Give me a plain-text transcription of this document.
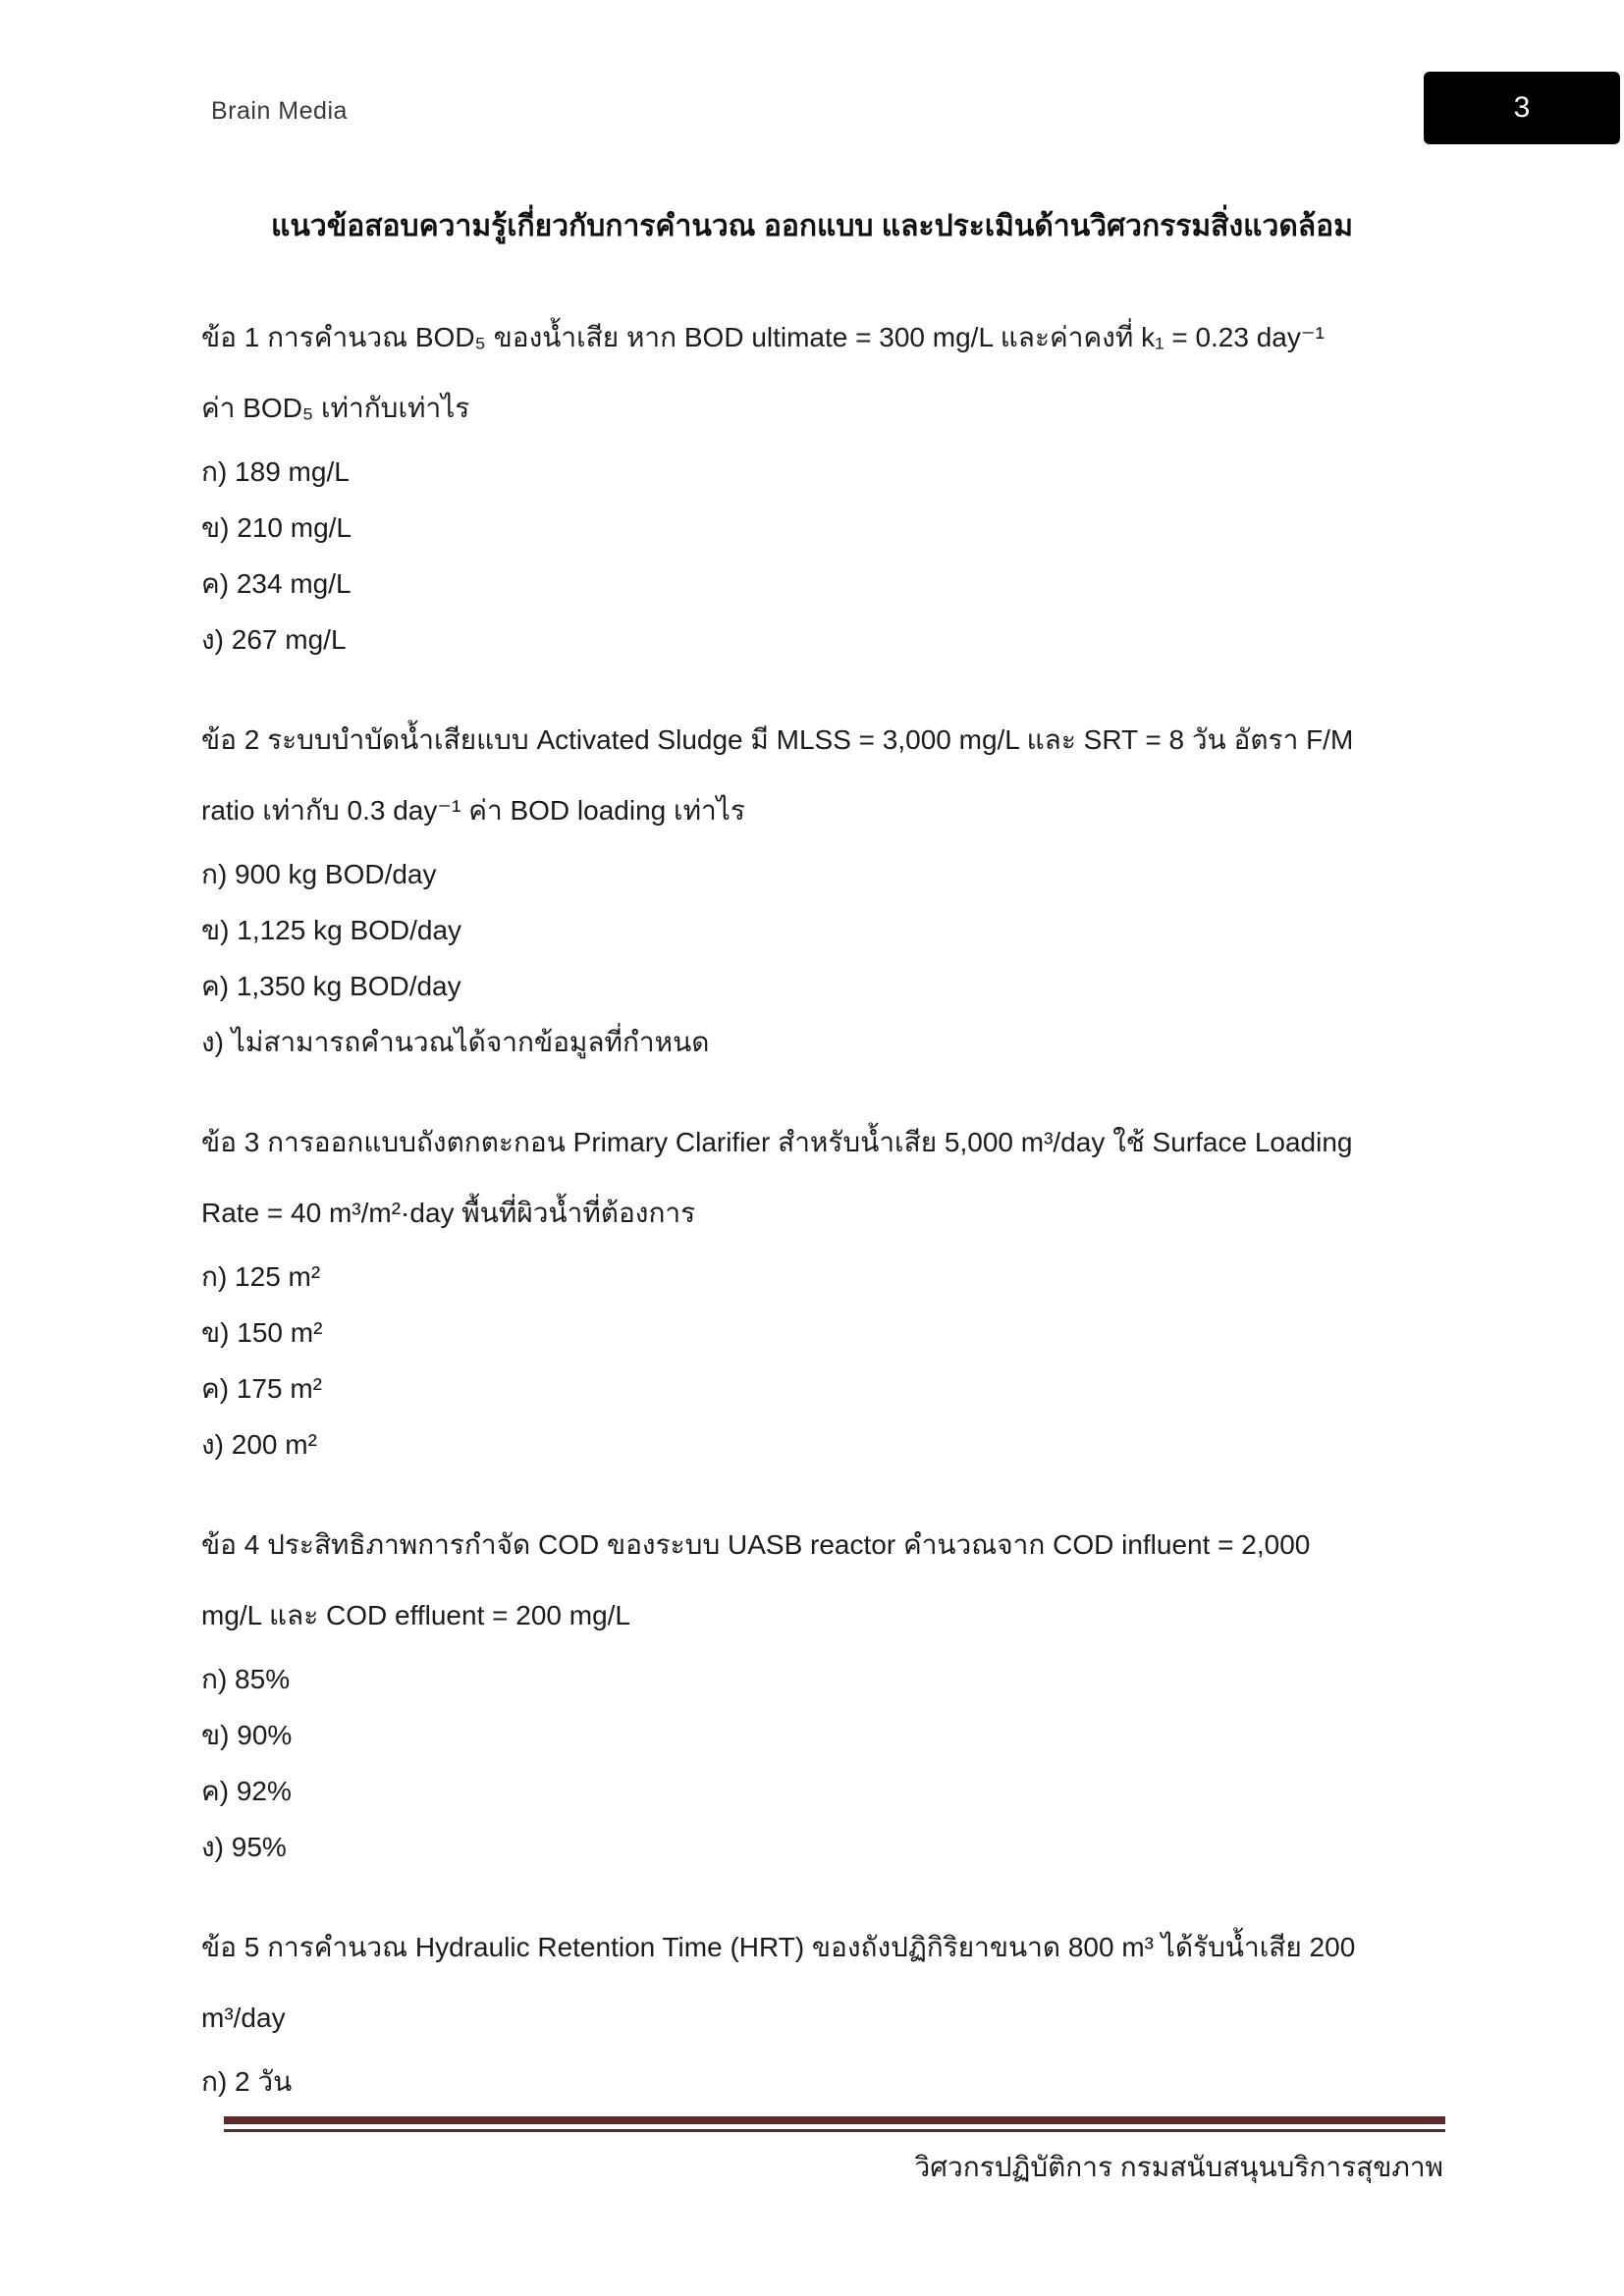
Brain Media	3
แนวข้อสอบความรู้เกี่ยวกับการคำนวณ ออกแบบ และประเมินด้านวิศวกรรมสิ่งแวดล้อม
ข้อ 1 การคำนวณ BOD₅ ของน้ำเสีย หาก BOD ultimate = 300 mg/L และค่าคงที่ k₁ = 0.23 day⁻¹
ค่า BOD₅ เท่ากับเท่าไร
ก) 189 mg/L
ข) 210 mg/L
ค) 234 mg/L
ง) 267 mg/L
ข้อ 2 ระบบบำบัดน้ำเสียแบบ Activated Sludge มี MLSS = 3,000 mg/L และ SRT = 8 วัน อัตรา F/M
ratio เท่ากับ 0.3 day⁻¹ ค่า BOD loading เท่าไร
ก) 900 kg BOD/day
ข) 1,125 kg BOD/day
ค) 1,350 kg BOD/day
ง) ไม่สามารถคำนวณได้จากข้อมูลที่กำหนด
ข้อ 3 การออกแบบถังตกตะกอน Primary Clarifier สำหรับน้ำเสีย 5,000 m³/day ใช้ Surface Loading
Rate = 40 m³/m²·day พื้นที่ผิวน้ำที่ต้องการ
ก) 125 m²
ข) 150 m²
ค) 175 m²
ง) 200 m²
ข้อ 4 ประสิทธิภาพการกำจัด COD ของระบบ UASB reactor คำนวณจาก COD influent = 2,000
mg/L และ COD effluent = 200 mg/L
ก) 85%
ข) 90%
ค) 92%
ง) 95%
ข้อ 5 การคำนวณ Hydraulic Retention Time (HRT) ของถังปฏิกิริยาขนาด 800 m³ ได้รับน้ำเสีย 200
m³/day
ก) 2 วัน
วิศวกรปฏิบัติการ กรมสนับสนุนบริการสุขภาพ
